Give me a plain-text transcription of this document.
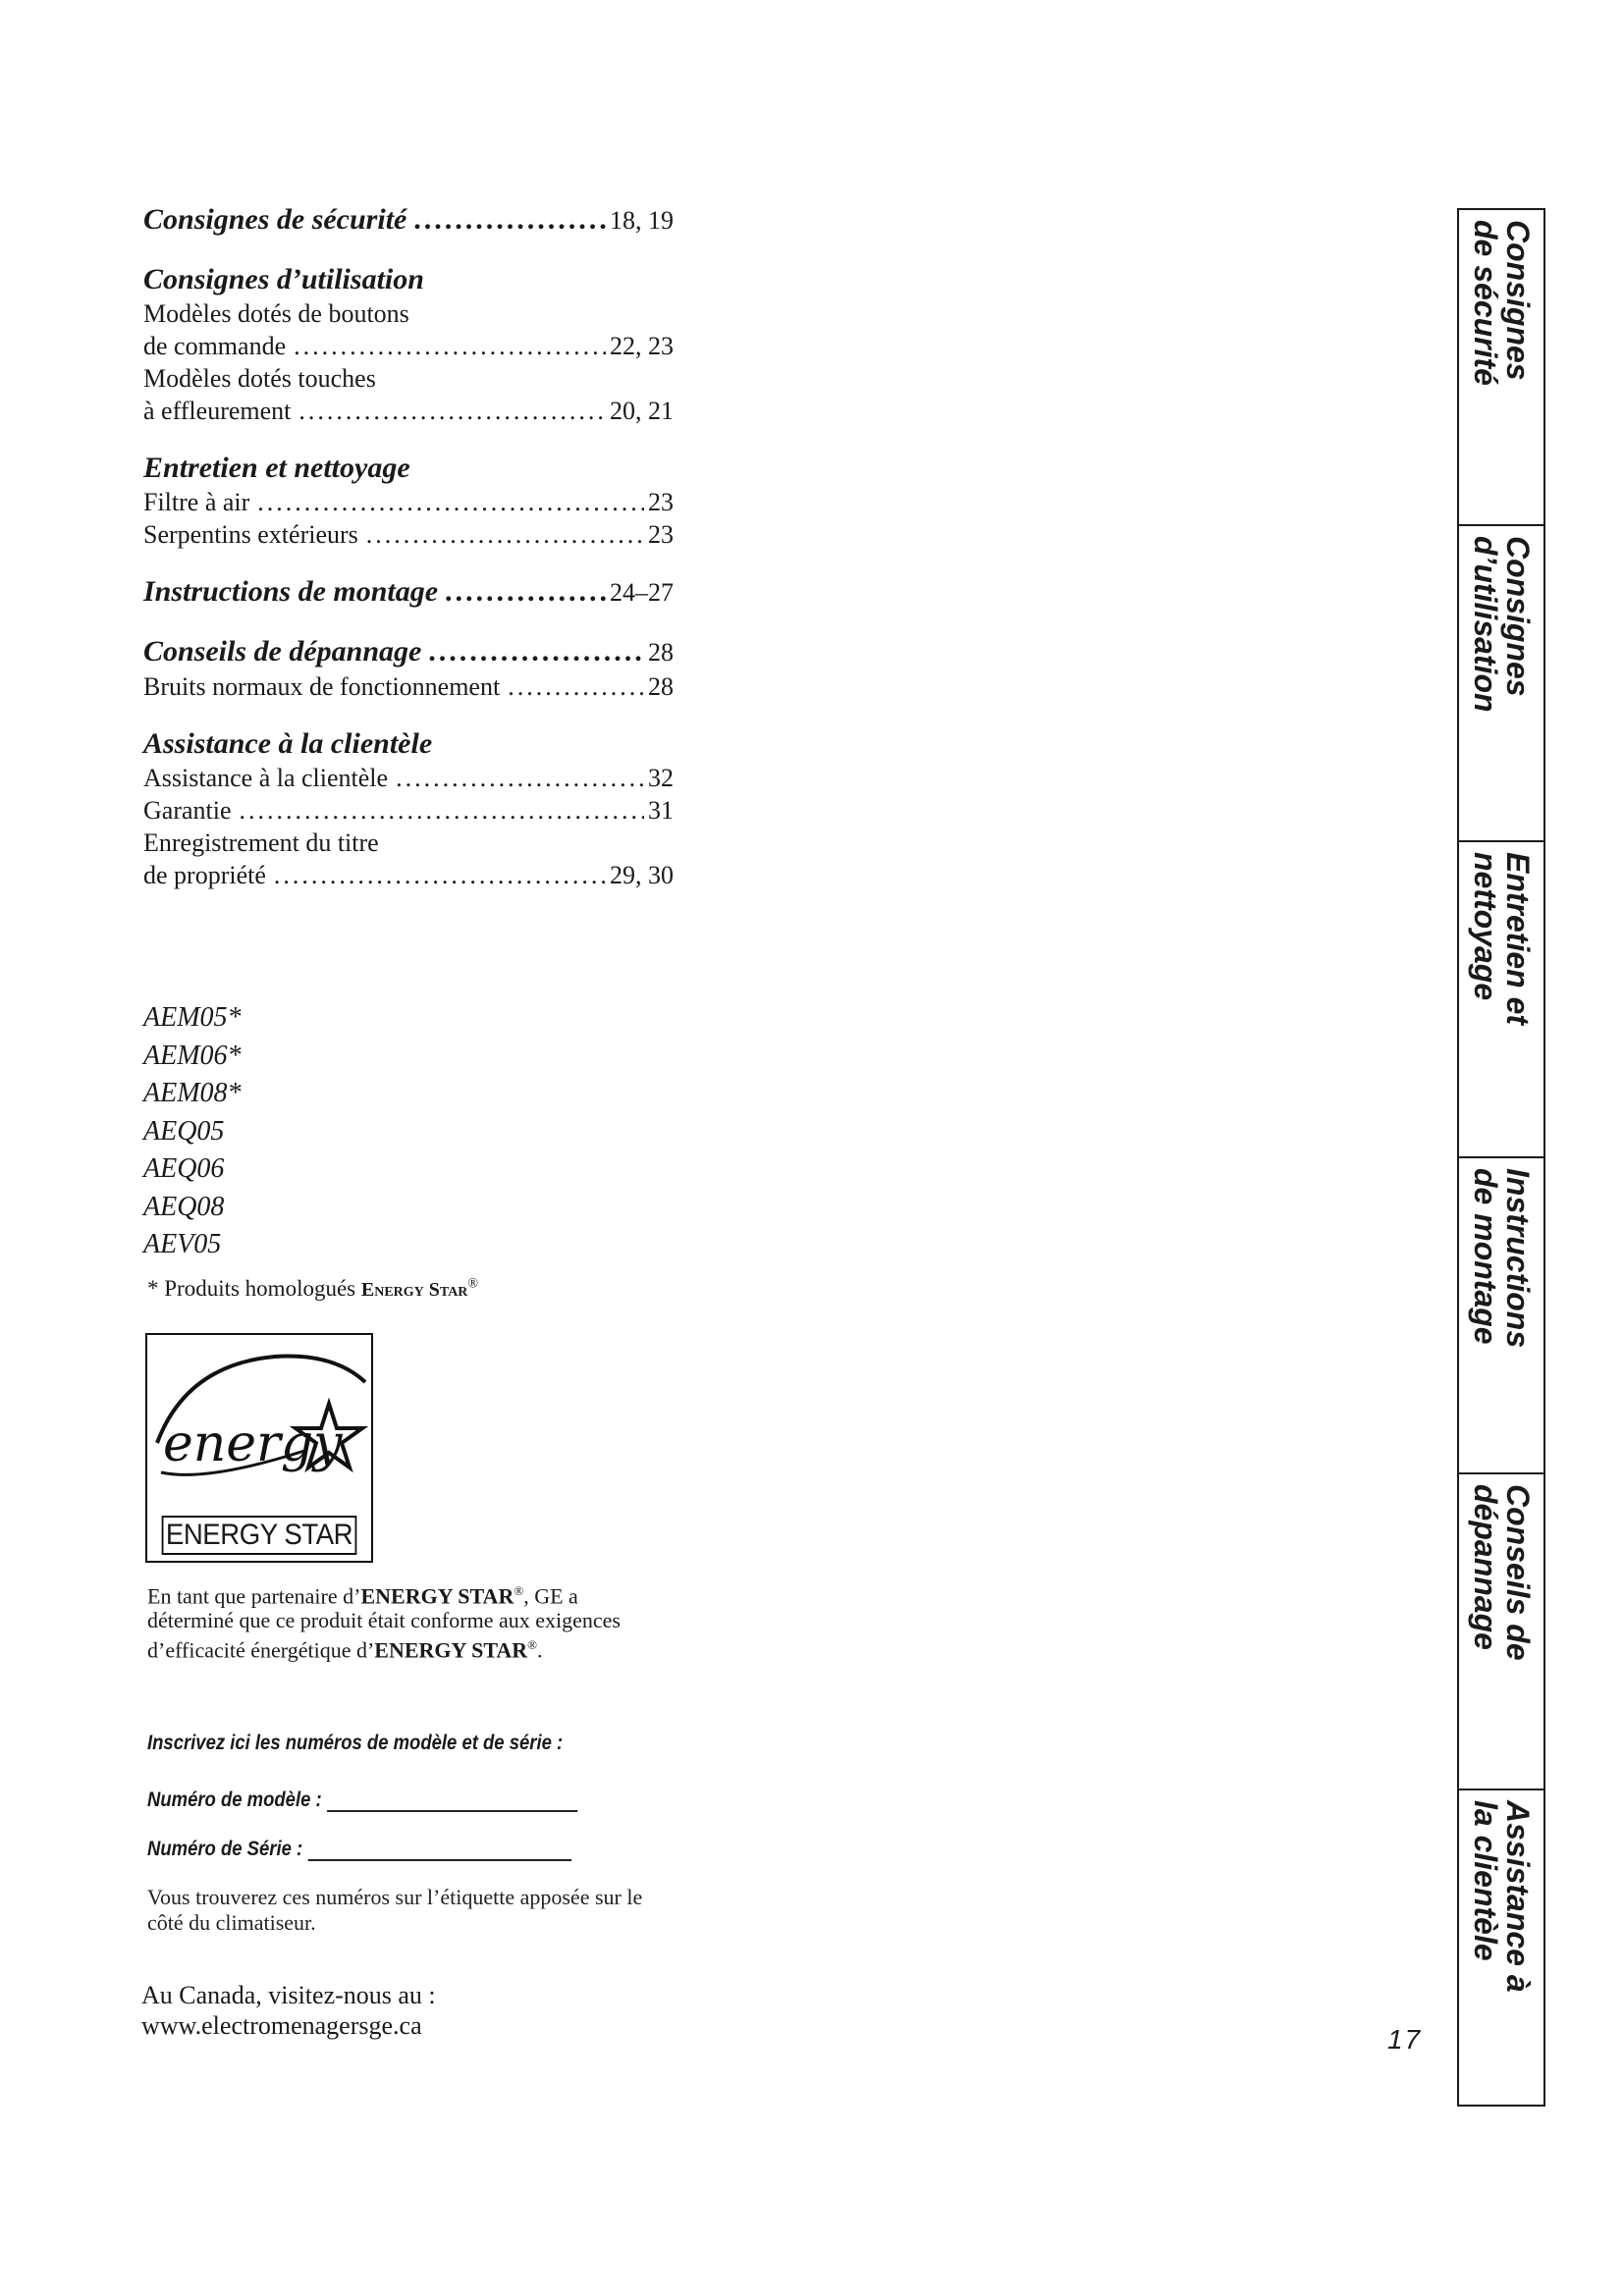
Consignes de sécurité .....	18, 19
Consignes d’utilisation
Modèles dotés de boutons
de commande .....	22, 23
Modèles dotés touches
à effleurement .....	20, 21
Entretien et nettoyage
Filtre à air .....	23
Serpentins extérieurs .....	23
Instructions de montage .....	24–27
Conseils de dépannage .....	28
Bruits normaux de fonctionnement .....	28
Assistance à la clientèle
Assistance à la clientèle .....	32
Garantie .....	31
Enregistrement du titre
de propriété .....	29, 30
AEM05*
AEM06*
AEM08*
AEQ05
AEQ06
AEQ08
AEV05
* Produits homologués Energy Star®
energy
ENERGY STAR
En tant que partenaire d’ENERGY STAR®, GE a déterminé que ce produit était conforme aux exigences d’efficacité énergétique d’ENERGY STAR®.
Inscrivez ici les numéros de modèle et de série :
Numéro de modèle :
Numéro de Série :
Vous trouverez ces numéros sur l’étiquette apposée sur le côté du climatiseur.
Au Canada, visitez-nous au :
www.electromenagersge.ca	17
Consignes
de sécurité
Consignes
d’utilisation
Entretien et
nettoyage
Instructions
de montage
Conseils de
dépannage
Assistance à
la clientèle
